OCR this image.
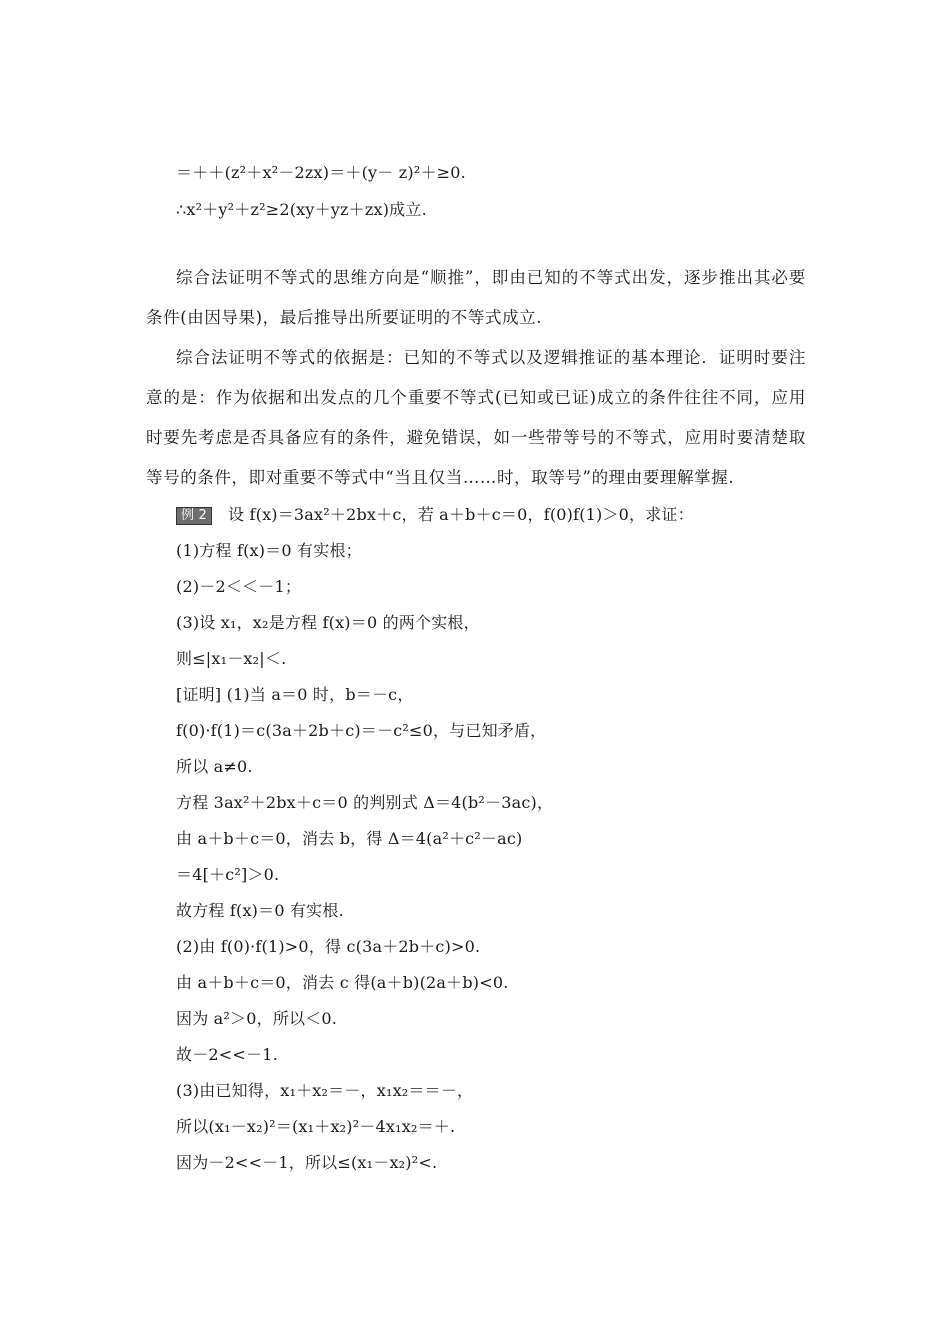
＝＋＋(z²＋x²－2zx)＝＋(y－ z)²＋≥0.
∴x²＋y²＋z²≥2(xy＋yz＋zx)成立.
综合法证明不等式的思维方向是“顺推”，即由已知的不等式出发，逐步推出其必要条件(由因导果)，最后推导出所要证明的不等式成立.
综合法证明不等式的依据是：已知的不等式以及逻辑推证的基本理论．证明时要注意的是：作为依据和出发点的几个重要不等式(已知或已证)成立的条件往往不同，应用时要先考虑是否具备应有的条件，避免错误，如一些带等号的不等式，应用时要清楚取等号的条件，即对重要不等式中“当且仅当……时，取等号”的理由要理解掌握.
例 2 设 f(x)＝3ax²＋2bx＋c，若 a＋b＋c＝0，f(0)f(1)＞0，求证：
(1)方程 f(x)＝0 有实根；
(2)－2＜＜－1；
(3)设 x₁，x₂是方程 f(x)＝0 的两个实根，
则≤|x₁－x₂|＜.
[证明] (1)当 a＝0 时，b＝－c，
f(0)·f(1)＝c(3a＋2b＋c)＝－c²≤0，与已知矛盾，
所以 a≠0.
方程 3ax²＋2bx＋c＝0 的判别式 Δ＝4(b²－3ac)，
由 a＋b＋c＝0，消去 b，得 Δ＝4(a²＋c²－ac)
＝4[＋c²]＞0.
故方程 f(x)＝0 有实根.
(2)由 f(0)·f(1)>0，得 c(3a＋2b＋c)>0.
由 a＋b＋c＝0，消去 c 得(a＋b)(2a＋b)<0.
因为 a²＞0，所以＜0.
故－2<<－1.
(3)由已知得，x₁＋x₂＝－，x₁x₂＝＝－，
所以(x₁－x₂)²＝(x₁＋x₂)²－4x₁x₂＝＋.
因为－2<<－1，所以≤(x₁－x₂)²<.
